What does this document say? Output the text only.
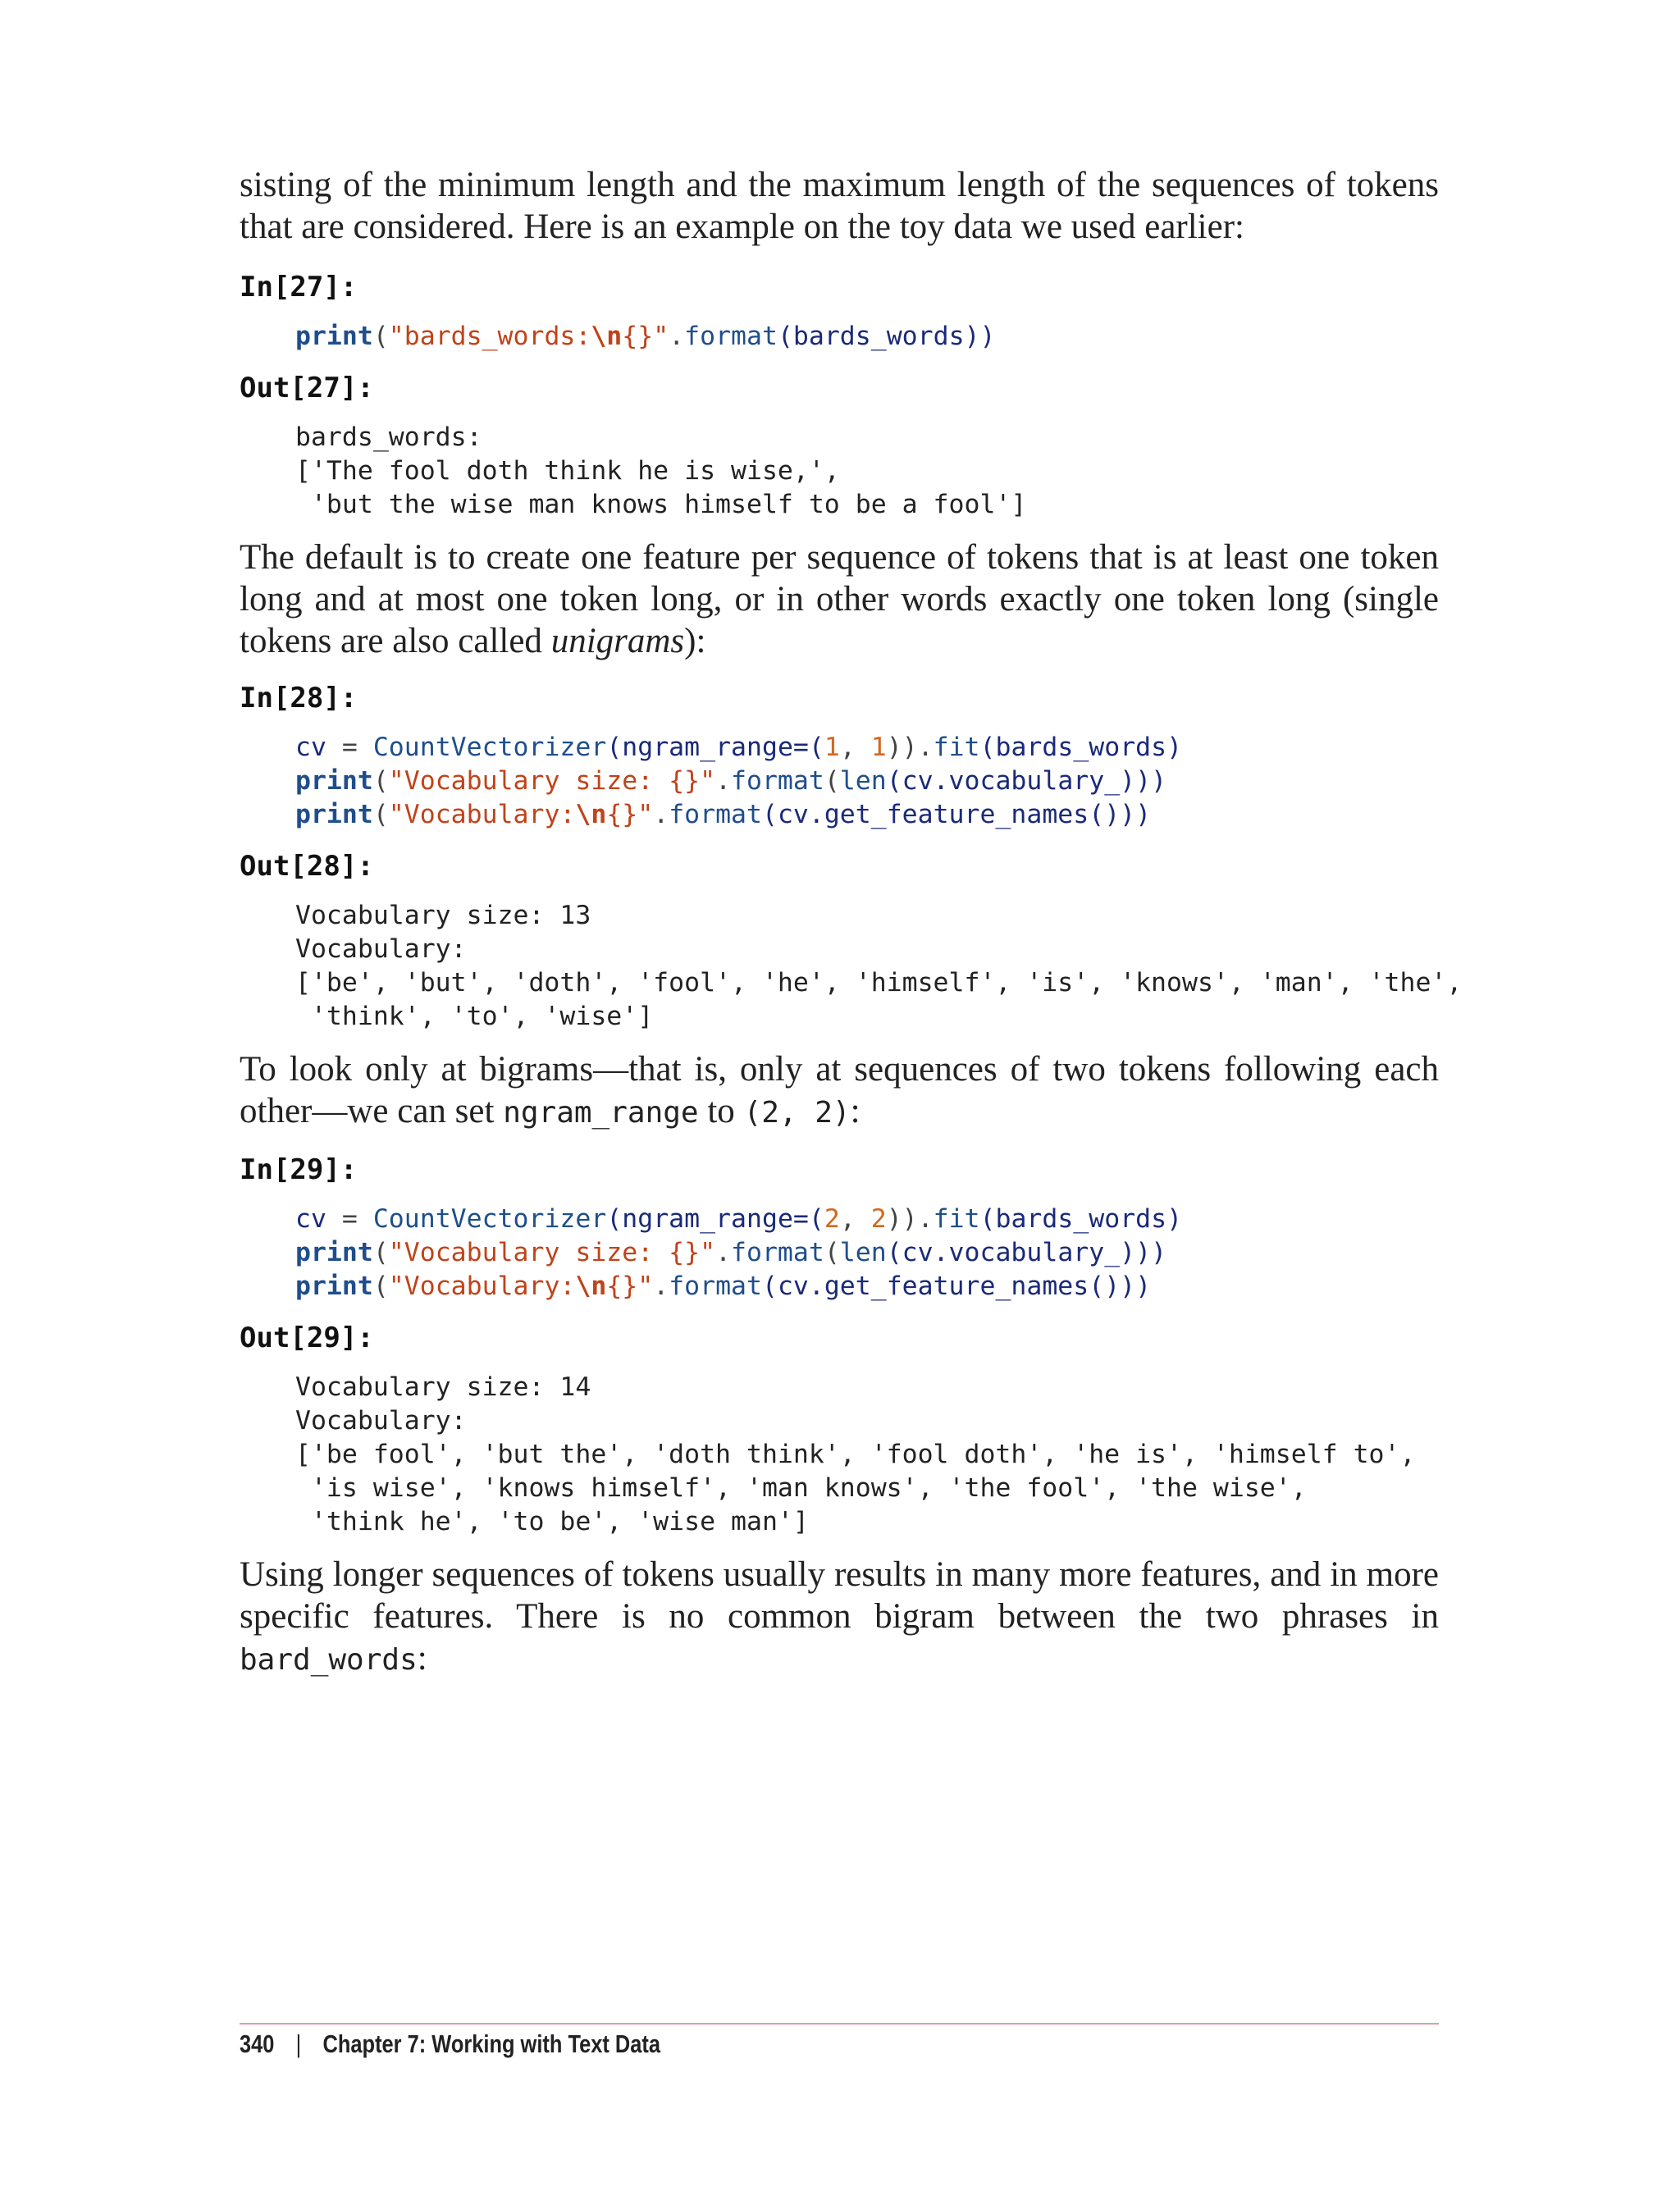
sisting of the minimum length and the maximum length of the sequences of tokens that are considered. Here is an example on the toy data we used earlier:

In[27]:
print("bards_words:\n{}".format(bards_words))
Out[27]:
bards_words:
['The fool doth think he is wise,',
'but the wise man knows himself to be a fool']

The default is to create one feature per sequence of tokens that is at least one token long and at most one token long, or in other words exactly one token long (single tokens are also called unigrams):

In[28]:
cv = CountVectorizer(ngram_range=(1, 1)).fit(bards_words)
print("Vocabulary size: {}".format(len(cv.vocabulary_)))
print("Vocabulary:\n{}".format(cv.get_feature_names()))
Out[28]:
Vocabulary size: 13
Vocabulary:
['be', 'but', 'doth', 'fool', 'he', 'himself', 'is', 'knows', 'man', 'the',
'think', 'to', 'wise']

To look only at bigrams—that is, only at sequences of two tokens following each other—we can set ngram_range to (2, 2):

In[29]:
cv = CountVectorizer(ngram_range=(2, 2)).fit(bards_words)
print("Vocabulary size: {}".format(len(cv.vocabulary_)))
print("Vocabulary:\n{}".format(cv.get_feature_names()))
Out[29]:
Vocabulary size: 14
Vocabulary:
['be fool', 'but the', 'doth think', 'fool doth', 'he is', 'himself to',
'is wise', 'knows himself', 'man knows', 'the fool', 'the wise',
'think he', 'to be', 'wise man']

Using longer sequences of tokens usually results in many more features, and in more specific features. There is no common bigram between the two phrases in bard_words:

340 | Chapter 7: Working with Text Data
